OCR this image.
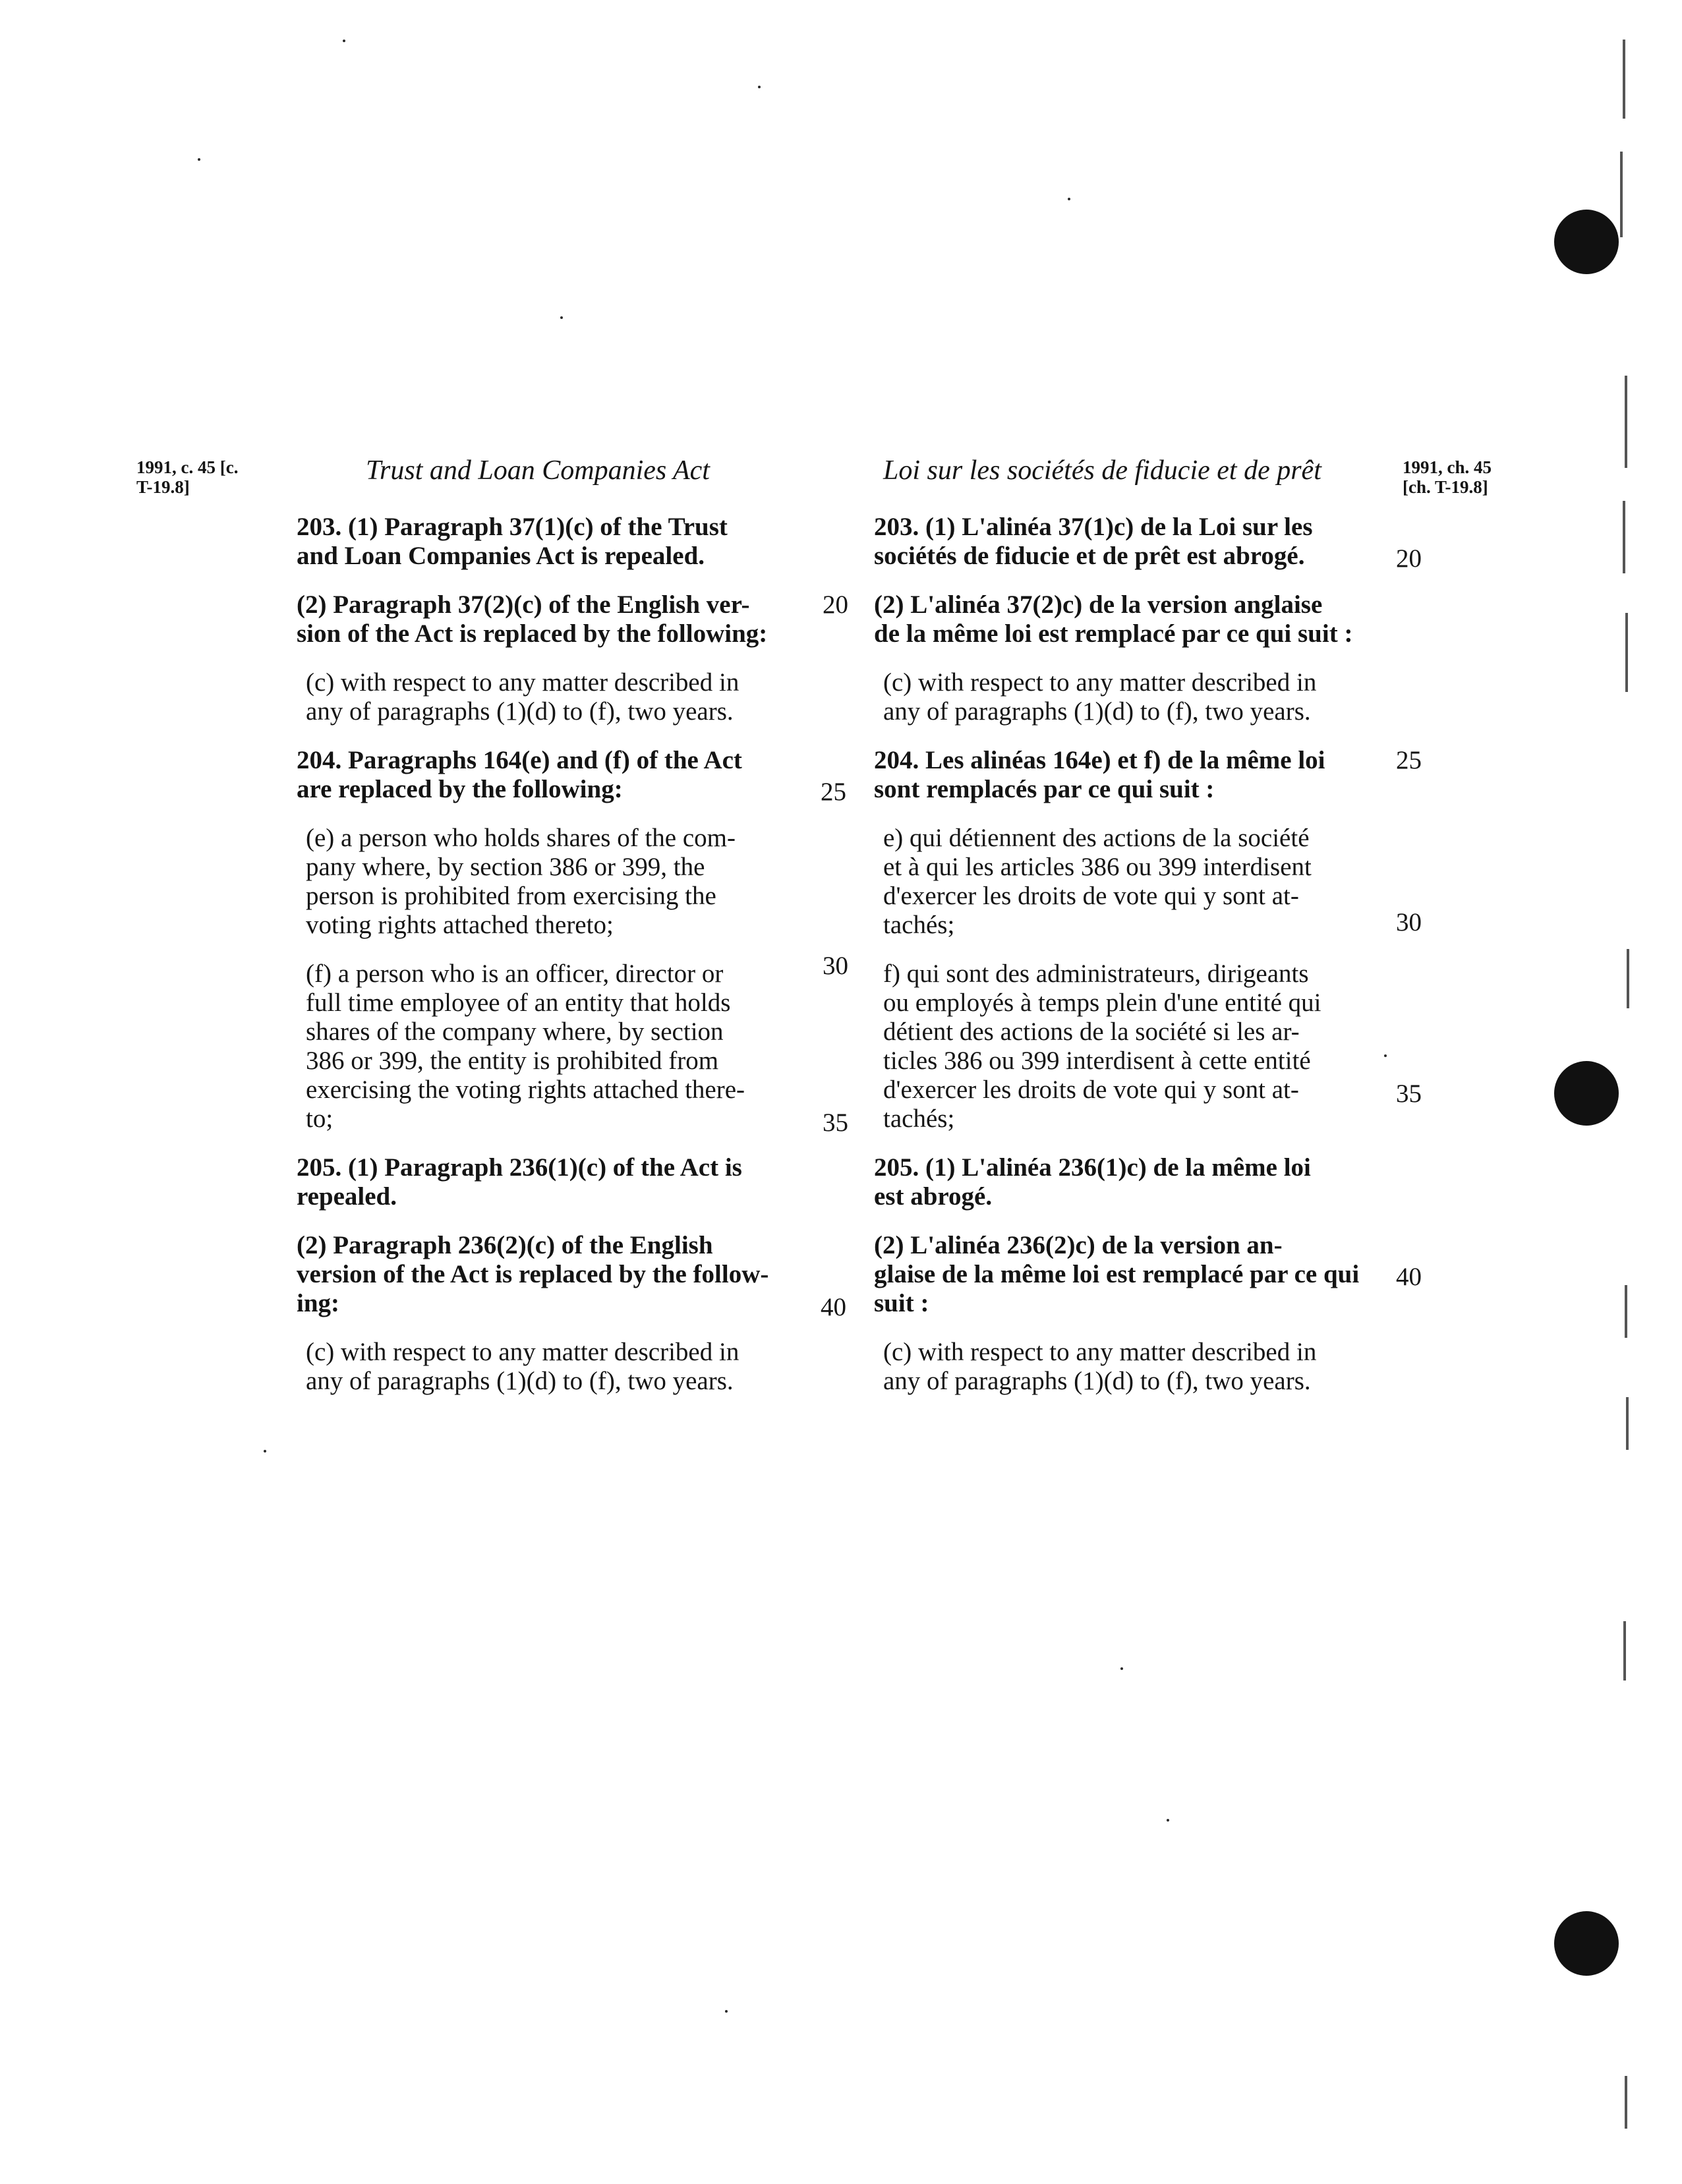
1991, c. 45 [c.
T-19.8]
Trust and Loan Companies Act	Loi sur les sociétés de fiducie et de prêt	1991, ch. 45
[ch. T-19.8]
203. (1) Paragraph 37(1)(c) of the Trust
and Loan Companies Act is repealed.
(2) Paragraph 37(2)(c) of the English ver-
sion of the Act is replaced by the following:
(c) with respect to any matter described in
any of paragraphs (1)(d) to (f), two years.
204. Paragraphs 164(e) and (f) of the Act
are replaced by the following:
(e) a person who holds shares of the com-
pany where, by section 386 or 399, the
person is prohibited from exercising the
voting rights attached thereto;
(f) a person who is an officer, director or
full time employee of an entity that holds
shares of the company where, by section
386 or 399, the entity is prohibited from
exercising the voting rights attached there-
to;
205. (1) Paragraph 236(1)(c) of the Act is
repealed.
(2) Paragraph 236(2)(c) of the English
version of the Act is replaced by the follow-
ing:
(c) with respect to any matter described in
any of paragraphs (1)(d) to (f), two years.
203. (1) L'alinéa 37(1)c) de la Loi sur les
sociétés de fiducie et de prêt est abrogé.
(2) L'alinéa 37(2)c) de la version anglaise
de la même loi est remplacé par ce qui suit :
(c) with respect to any matter described in
any of paragraphs (1)(d) to (f), two years.
204. Les alinéas 164e) et f) de la même loi
sont remplacés par ce qui suit :
e) qui détiennent des actions de la société
et à qui les articles 386 ou 399 interdisent
d'exercer les droits de vote qui y sont at-
tachés;
f) qui sont des administrateurs, dirigeants
ou employés à temps plein d'une entité qui
détient des actions de la société si les ar-
ticles 386 ou 399 interdisent à cette entité
d'exercer les droits de vote qui y sont at-
tachés;
205. (1) L'alinéa 236(1)c) de la même loi
est abrogé.
(2) L'alinéa 236(2)c) de la version an-
glaise de la même loi est remplacé par ce qui
suit :
(c) with respect to any matter described in
any of paragraphs (1)(d) to (f), two years.
20
20
25
25
30
30
35
35
40
40
